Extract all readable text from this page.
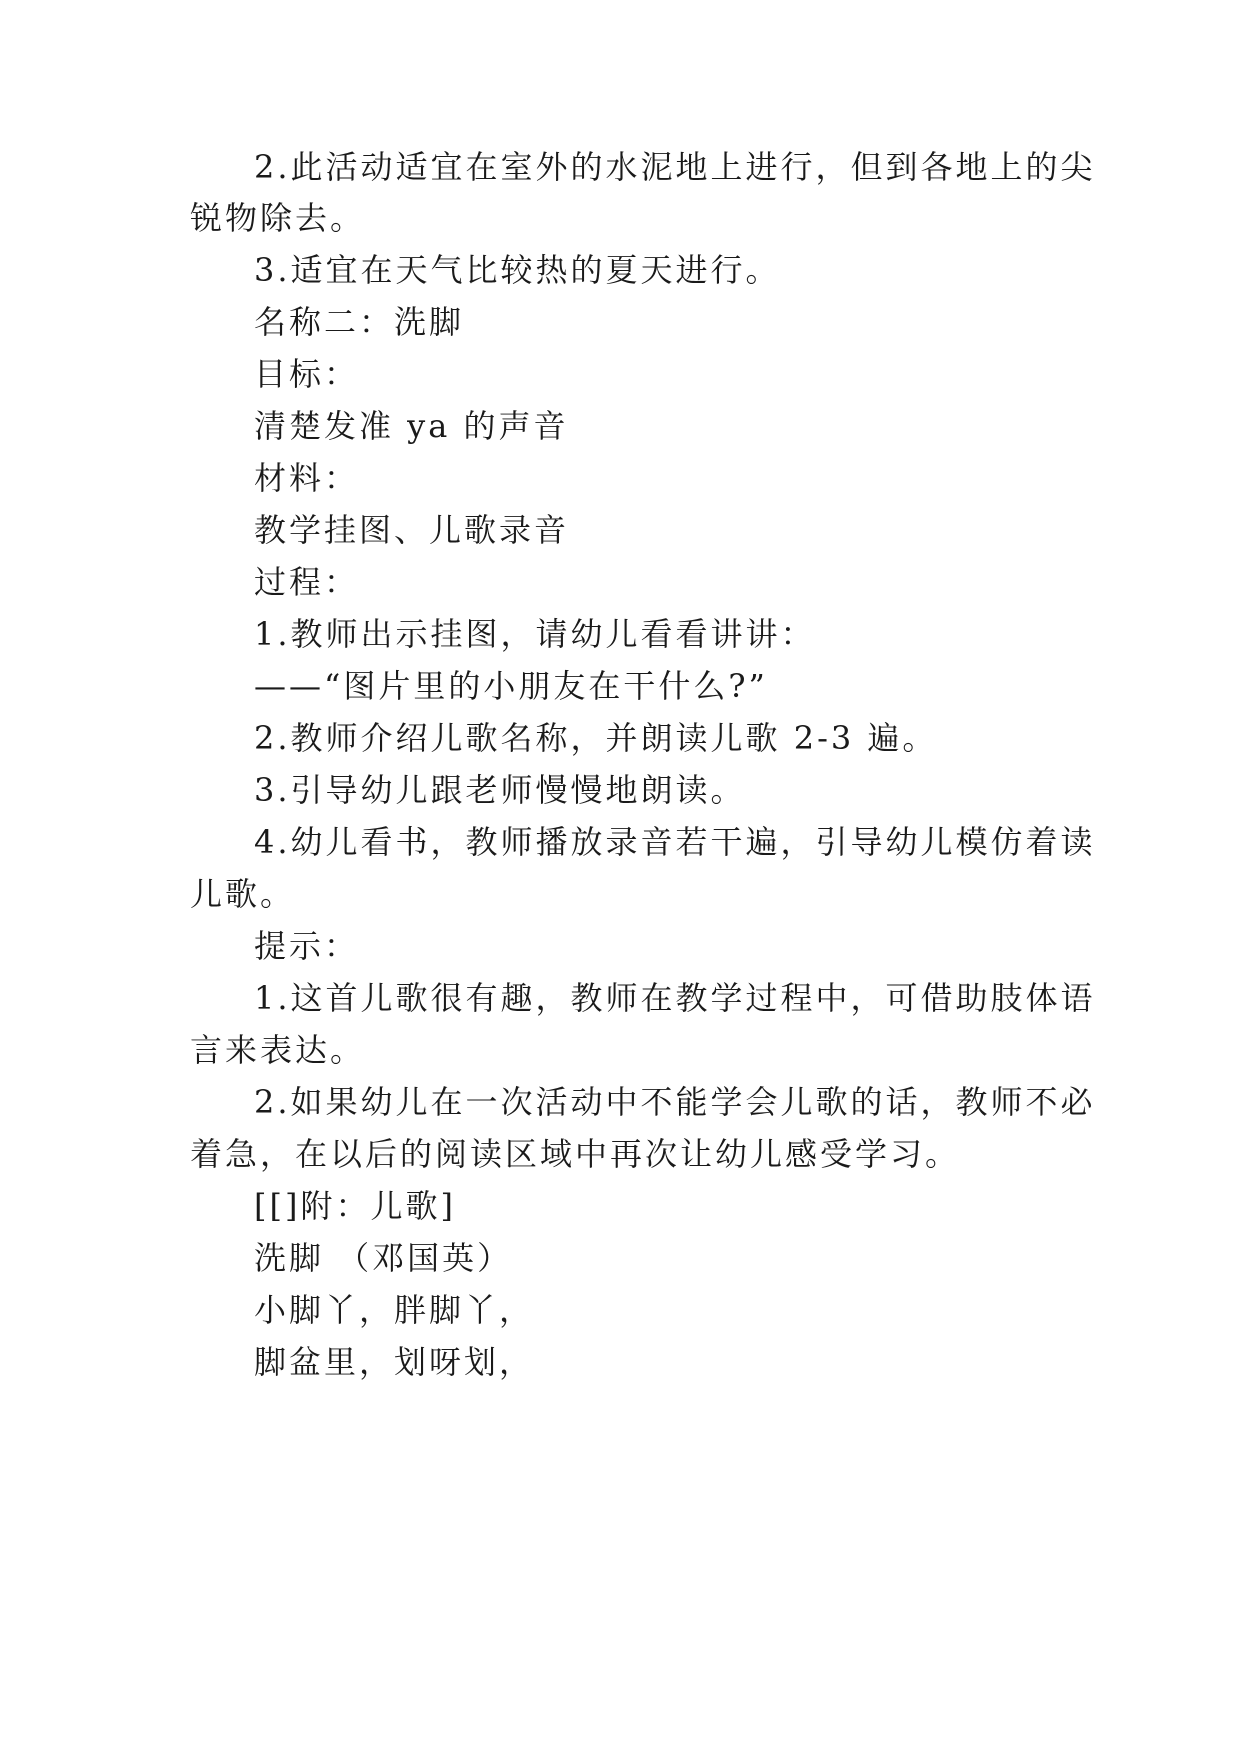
2.此活动适宜在室外的水泥地上进行，但到各地上的尖
锐物除去。
3.适宜在天气比较热的夏天进行。
名称二：洗脚
目标：
清楚发准 ya 的声音
材料：
教学挂图、儿歌录音
过程：
1.教师出示挂图，请幼儿看看讲讲：
——“图片里的小朋友在干什么?”
2.教师介绍儿歌名称，并朗读儿歌 2-3 遍。
3.引导幼儿跟老师慢慢地朗读。
4.幼儿看书，教师播放录音若干遍，引导幼儿模仿着读
儿歌。
提示：
1.这首儿歌很有趣，教师在教学过程中，可借助肢体语
言来表达。
2.如果幼儿在一次活动中不能学会儿歌的话，教师不必
着急，在以后的阅读区域中再次让幼儿感受学习。
[[]附：儿歌]
洗脚 （邓国英）
小脚丫，胖脚丫，
脚盆里，划呀划，
